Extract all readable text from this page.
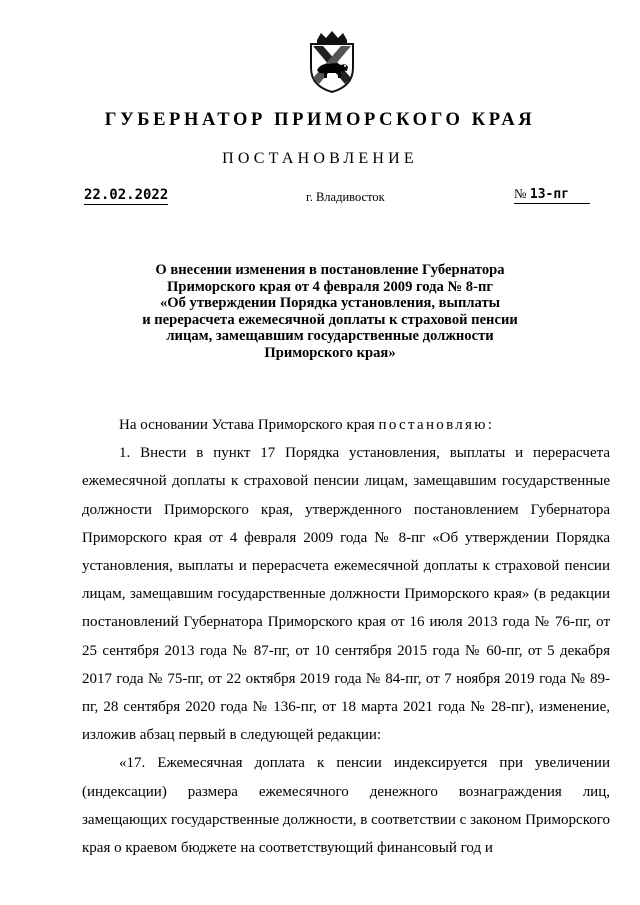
ГУБЕРНАТОР ПРИМОРСКОГО КРАЯ
ПОСТАНОВЛЕНИЕ
22.02.2022	г. Владивосток	№ 13-пг
О внесении изменения в постановление Губернатора
Приморского края от 4 февраля 2009 года № 8-пг
«Об утверждении Порядка установления, выплаты
и перерасчета ежемесячной доплаты к страховой пенсии
лицам, замещавшим государственные должности
Приморского края»

На основании Устава Приморского края постановляю:

1. Внести в пункт 17 Порядка установления, выплаты и перерасчета ежемесячной доплаты к страховой пенсии лицам, замещавшим государственные должности Приморского края, утвержденного постановлением Губернатора Приморского края от 4 февраля 2009 года № 8-пг «Об утверждении Порядка установления, выплаты и перерасчета ежемесячной доплаты к страховой пенсии лицам, замещавшим государственные должности Приморского края» (в редакции постановлений Губернатора Приморского края от 16 июля 2013 года № 76-пг, от 25 сентября 2013 года № 87-пг, от 10 сентября 2015 года № 60-пг, от 5 декабря 2017 года № 75-пг, от 22 октября 2019 года № 84-пг, от 7 ноября 2019 года № 89-пг, 28 сентября 2020 года № 136-пг, от 18 марта 2021 года № 28-пг), изменение, изложив абзац первый в следующей редакции:

«17. Ежемесячная доплата к пенсии индексируется при увеличении (индексации) размера ежемесячного денежного вознаграждения лиц, замещающих государственные должности, в соответствии с законом Приморского края о краевом бюджете на соответствующий финансовый год и
